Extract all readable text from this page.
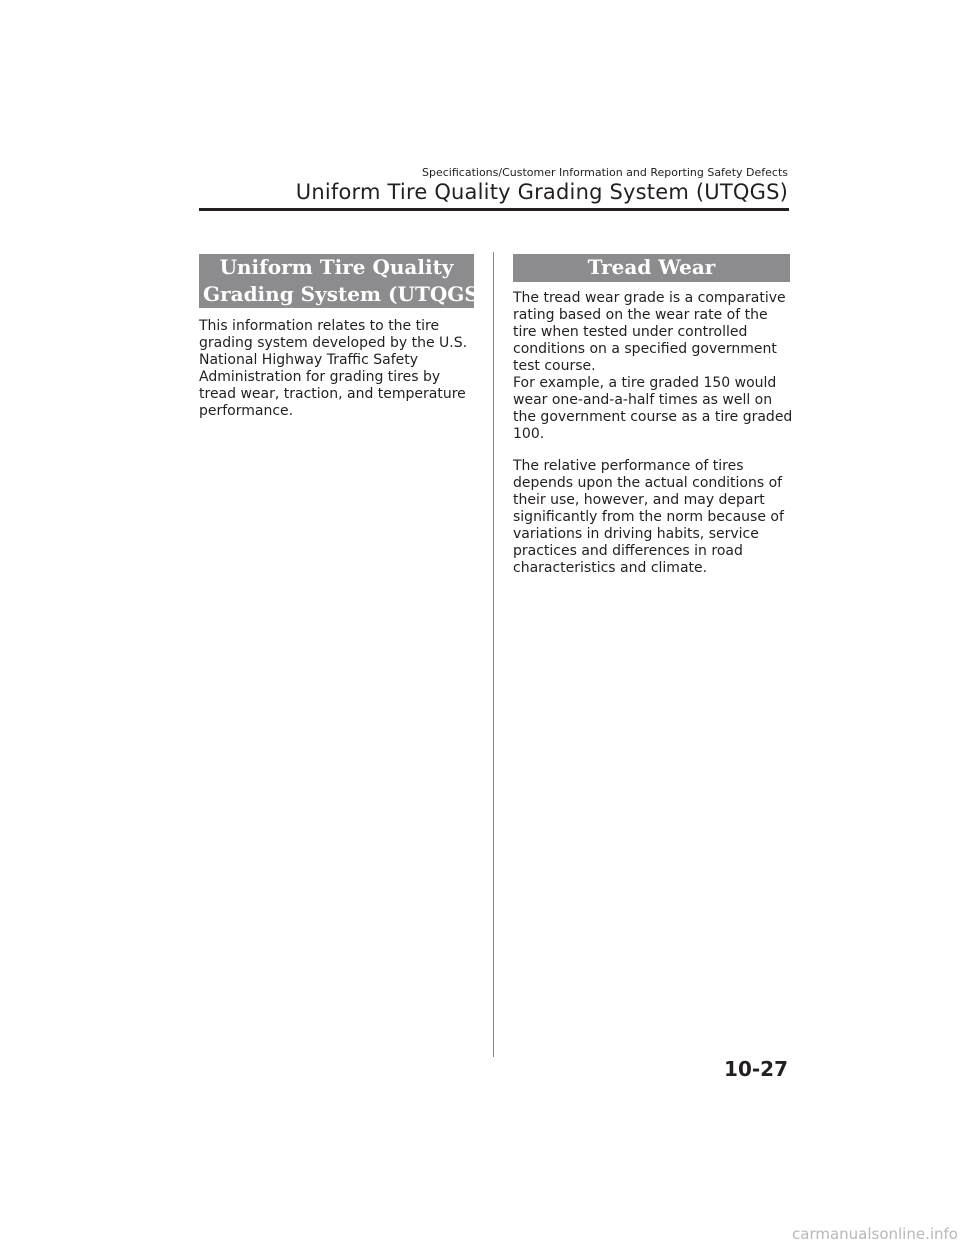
Specifications/Customer Information and Reporting Safety Defects
Uniform Tire Quality Grading System (UTQGS)
Uniform Tire Quality
Grading System (UTQGS)

This information relates to the tire
grading system developed by the U.S.
National Highway Traffic Safety
Administration for grading tires by
tread wear, traction, and temperature
performance.

Tread Wear

The tread wear grade is a comparative
rating based on the wear rate of the
tire when tested under controlled
conditions on a specified government
test course.
For example, a tire graded 150 would
wear one-and-a-half times as well on
the government course as a tire graded
100.

The relative performance of tires
depends upon the actual conditions of
their use, however, and may depart
significantly from the norm because of
variations in driving habits, service
practices and differences in road
characteristics and climate.

10-27
carmanualsonline.info
